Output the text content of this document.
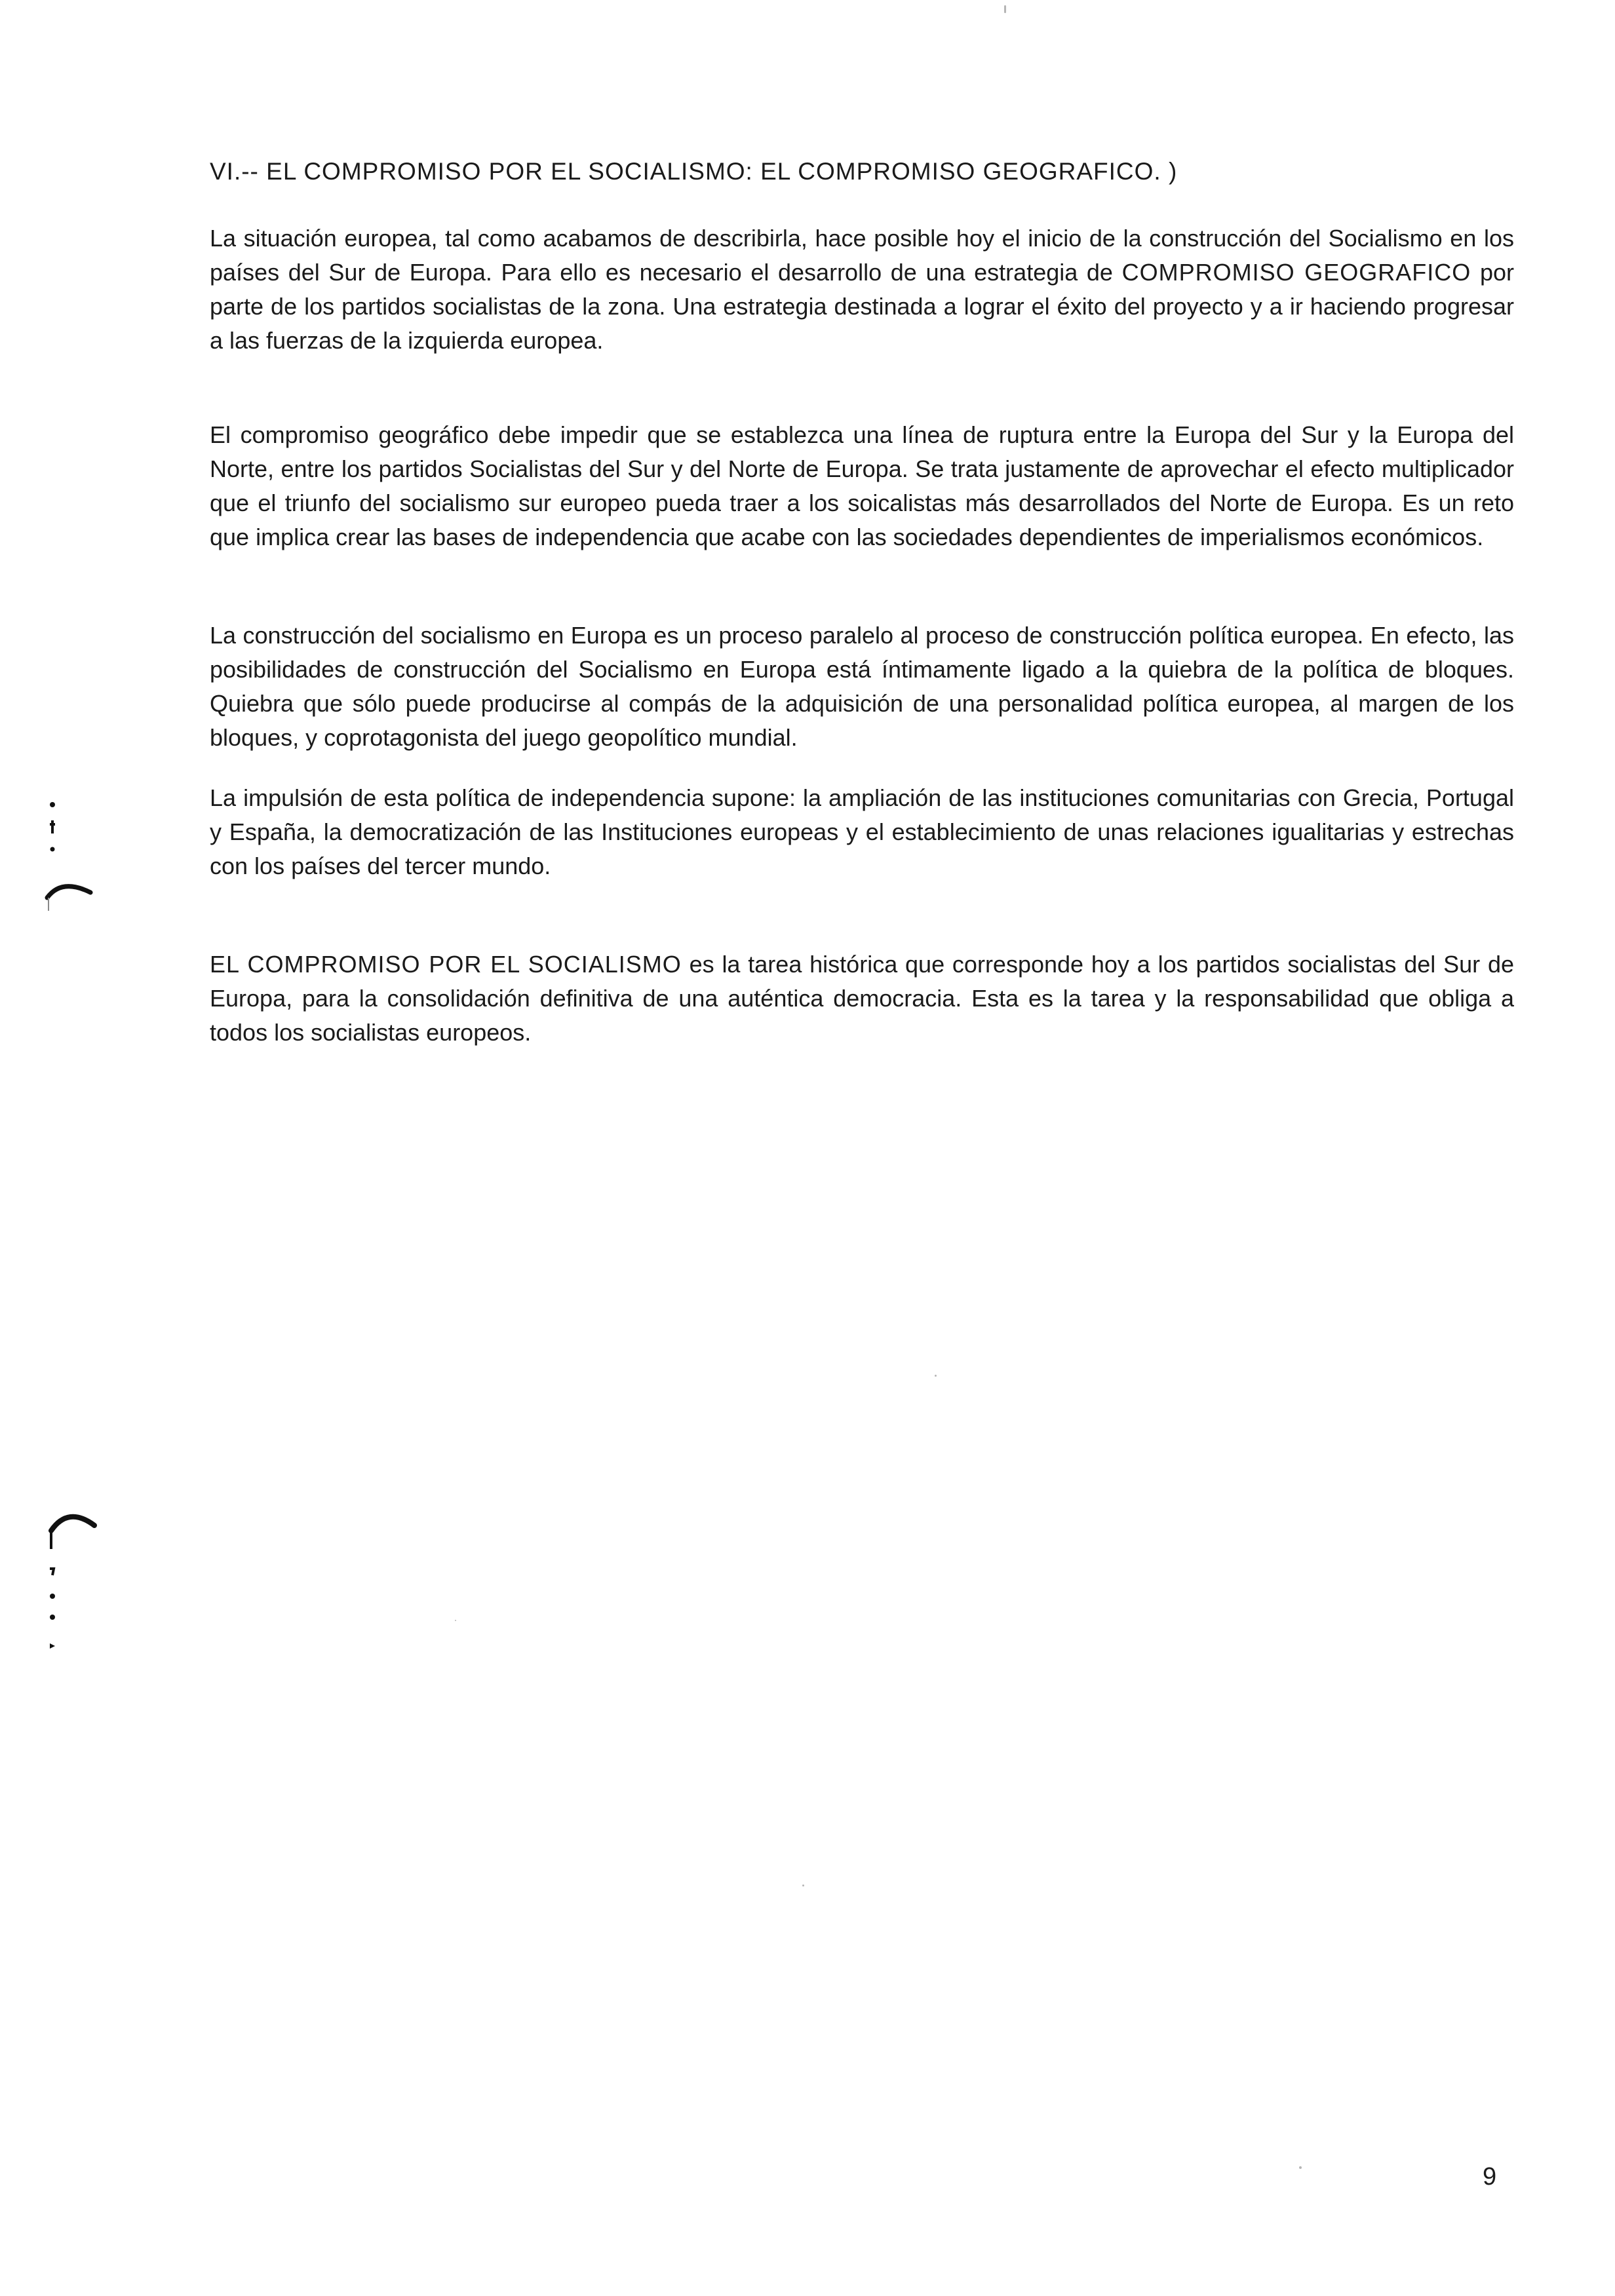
VI.-- EL COMPROMISO POR EL SOCIALISMO: EL COMPROMISO GEOGRAFICO. )

La situación europea, tal como acabamos de describirla, hace posible hoy el inicio de la construcción del Socialismo en los países del Sur de Europa. Para ello es necesario el desarrollo de una estrategia de COMPROMISO GEOGRAFICO por parte de los partidos socialistas de la zona. Una estrategia destinada a lograr el éxito del proyecto y a ir haciendo progresar a las fuerzas de la izquierda europea.

El compromiso geográfico debe impedir que se establezca una línea de ruptura entre la Europa del Sur y la Europa del Norte, entre los partidos Socialistas del Sur y del Norte de Europa. Se trata justamente de aprovechar el efecto multiplicador que el triunfo del socialismo sur europeo pueda traer a los soicalistas más desarrollados del Norte de Europa. Es un reto que implica crear las bases de independencia que acabe con las sociedades dependientes de imperialismos económicos.

La construcción del socialismo en Europa es un proceso paralelo al proceso de construcción política europea. En efecto, las posibilidades de construcción del Socialismo en Europa está íntimamente ligado a la quiebra de la política de bloques. Quiebra que sólo puede producirse al compás de la adquisición de una personalidad política europea, al margen de los bloques, y coprotagonista del juego geopolítico mundial.

La impulsión de esta política de independencia supone: la ampliación de las instituciones comunitarias con Grecia, Portugal y España, la democratización de las Instituciones europeas y el establecimiento de unas relaciones igualitarias y estrechas con los países del tercer mundo.

EL COMPROMISO POR EL SOCIALISMO es la tarea histórica que corresponde hoy a los partidos socialistas del Sur de Europa, para la consolidación definitiva de una auténtica democracia. Esta es la tarea y la responsabilidad que obliga a todos los socialistas europeos.

9
